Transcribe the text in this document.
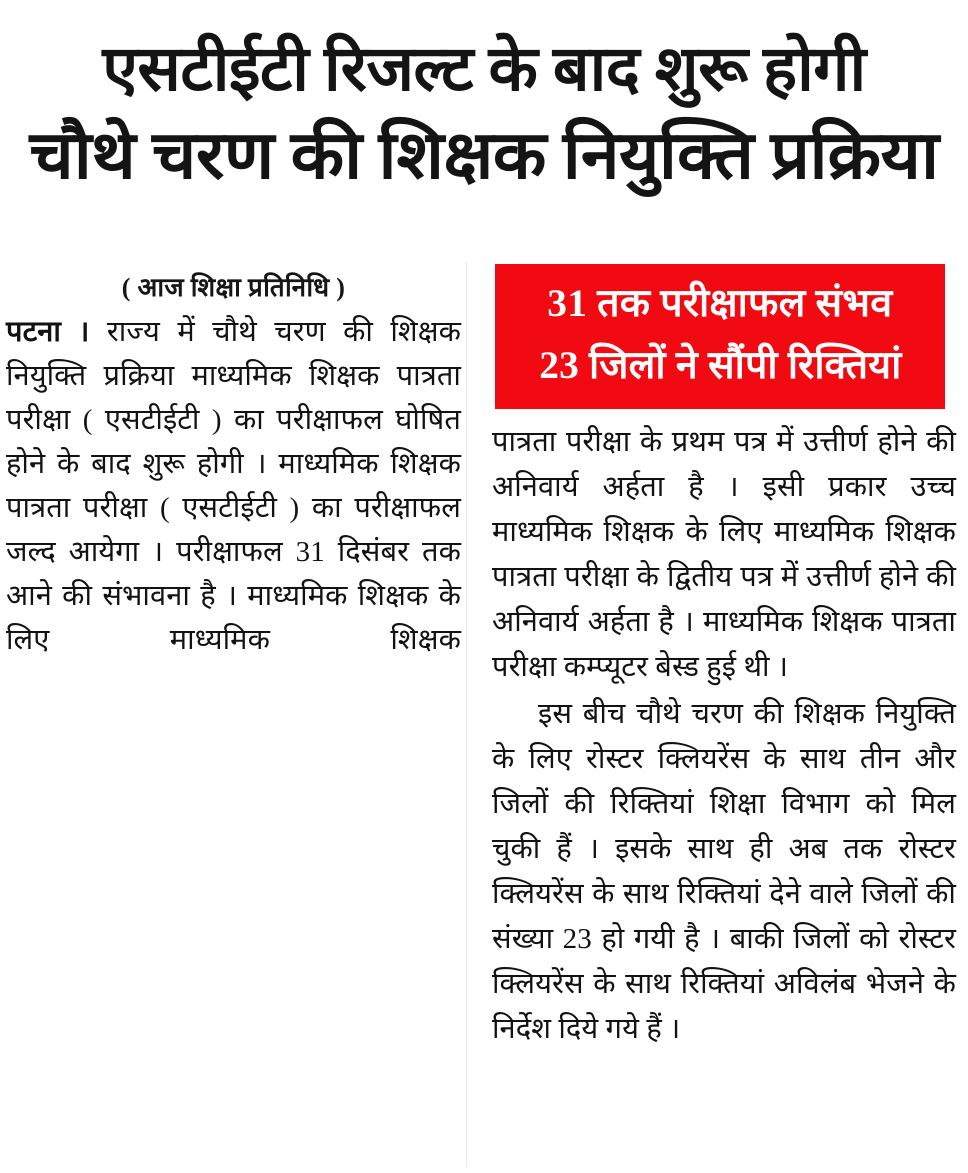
एसटीईटी रिजल्ट के बाद शुरू होगी
चौथे चरण की शिक्षक नियुक्ति प्रक्रिया
( आज शिक्षा प्रतिनिधि )

पटना । राज्य में चौथे चरण की शिक्षक नियुक्ति प्रक्रिया माध्यमिक शिक्षक पात्रता परीक्षा ( एसटीईटी ) का परीक्षाफल घोषित होने के बाद शुरू होगी । माध्यमिक शिक्षक पात्रता परीक्षा ( एसटीईटी ) का परीक्षाफल जल्द आयेगा । परीक्षाफल 31 दिसंबर तक आने की संभावना है । माध्यमिक शिक्षक के लिए माध्यमिक शिक्षक

31 तक परीक्षाफल संभव
23 जिलों ने सौंपी रिक्तियां

पात्रता परीक्षा के प्रथम पत्र में उत्तीर्ण होने की अनिवार्य अर्हता है । इसी प्रकार उच्च माध्यमिक शिक्षक के लिए माध्यमिक शिक्षक पात्रता परीक्षा के द्वितीय पत्र में उत्तीर्ण होने की अनिवार्य अर्हता है । माध्यमिक शिक्षक पात्रता परीक्षा कम्प्यूटर बेस्ड हुई थी ।

इस बीच चौथे चरण की शिक्षक नियुक्ति के लिए रोस्टर क्लियरेंस के साथ तीन और जिलों की रिक्तियां शिक्षा विभाग को मिल चुकी हैं । इसके साथ ही अब तक रोस्टर क्लियरेंस के साथ रिक्तियां देने वाले जिलों की संख्या 23 हो गयी है । बाकी जिलों को रोस्टर क्लियरेंस के साथ रिक्तियां अविलंब भेजने के निर्देश दिये गये हैं ।
